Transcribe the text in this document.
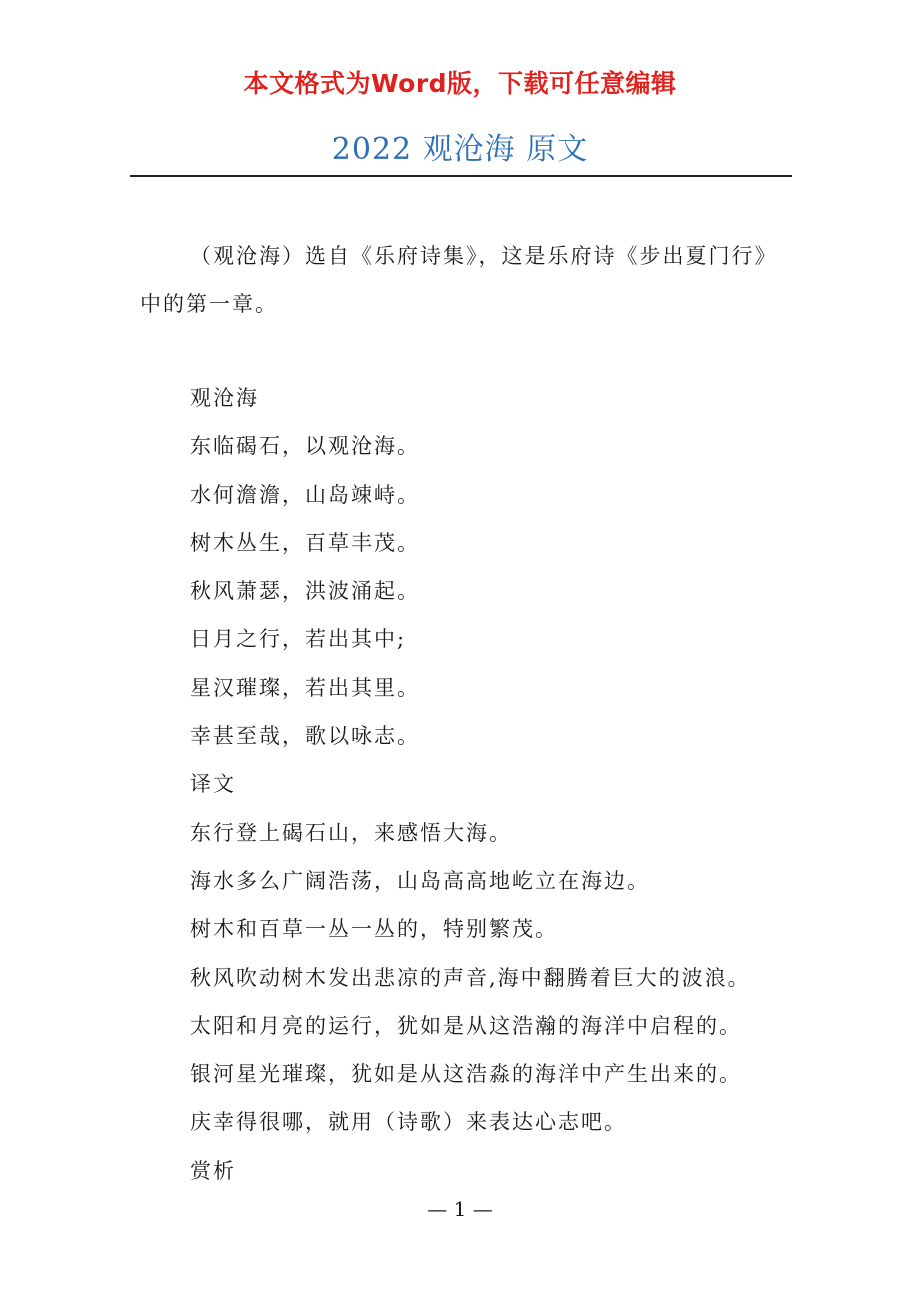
本文格式为Word版，下载可任意编辑
2022 观沧海 原文

（观沧海）选自《乐府诗集》，这是乐府诗《步出夏门行》中的第一章。

观沧海
东临碣石，以观沧海。
水何澹澹，山岛竦峙。
树木丛生，百草丰茂。
秋风萧瑟，洪波涌起。
日月之行，若出其中;
星汉璀璨，若出其里。
幸甚至哉，歌以咏志。
译文
东行登上碣石山，来感悟大海。
海水多么广阔浩荡，山岛高高地屹立在海边。
树木和百草一丛一丛的，特别繁茂。
秋风吹动树木发出悲凉的声音,海中翻腾着巨大的波浪。
太阳和月亮的运行，犹如是从这浩瀚的海洋中启程的。
银河星光璀璨，犹如是从这浩淼的海洋中产生出来的。
庆幸得很哪，就用（诗歌）来表达心志吧。
赏析
— 1 —
